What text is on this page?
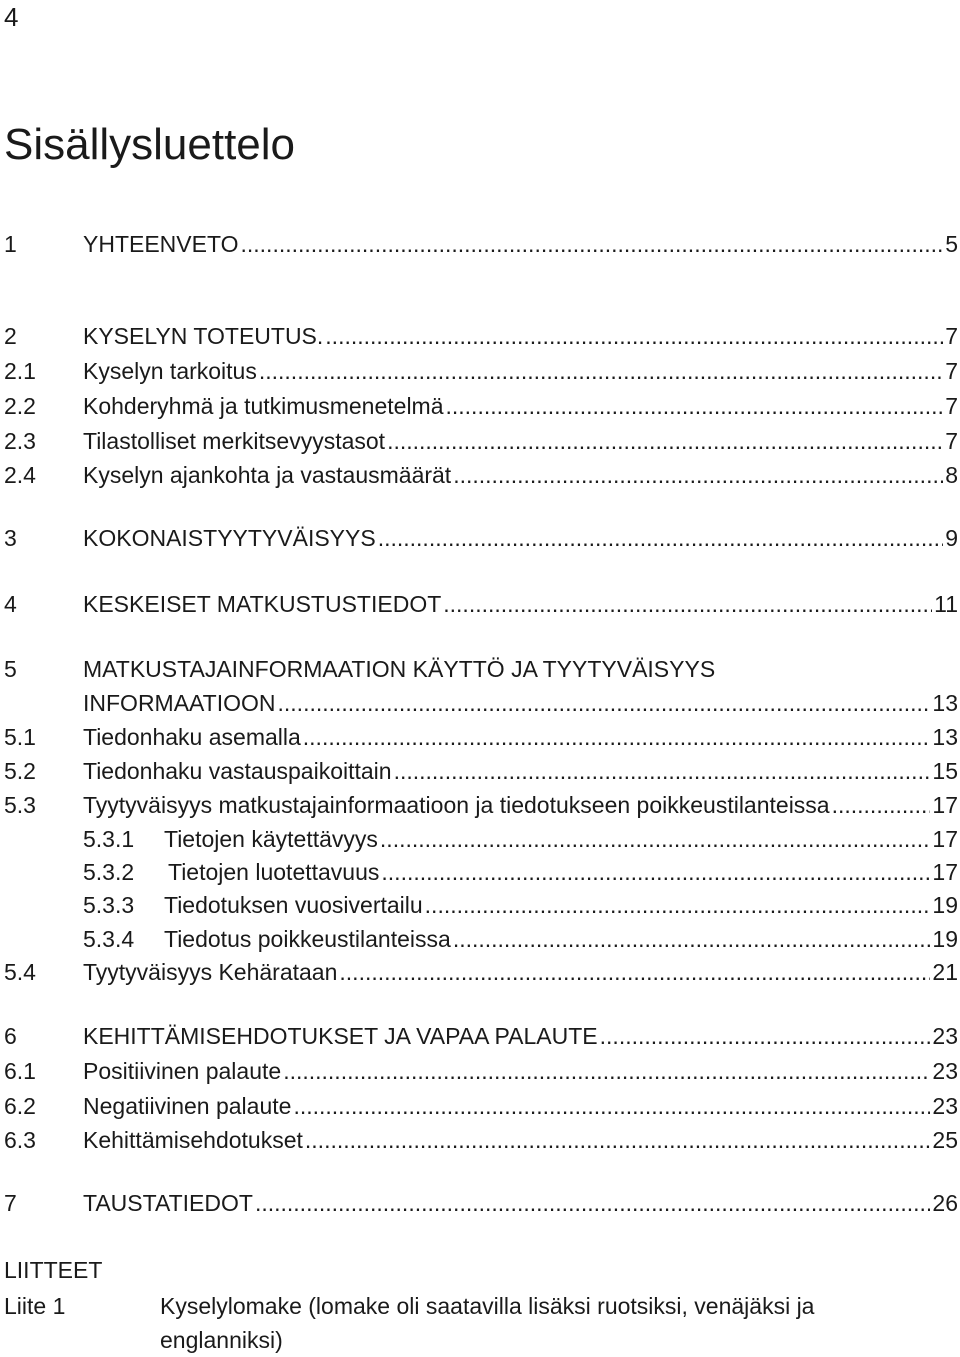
4
Sisällysluettelo
1	YHTEENVETO .....	5
2	KYSELYN TOTEUTUS. .....	7
2.1 Kyselyn tarkoitus .....	7
2.2 Kohderyhmä ja tutkimusmenetelmä .....	7
2.3 Tilastolliset merkitsevyystasot .....	7
2.4 Kyselyn ajankohta ja vastausmäärät .....	8
3	KOKONAISTYYTYVÄISYYS .....	9
4	KESKEISET MATKUSTUSTIEDOT .....	11
5	MATKUSTAJAINFORMAATION KÄYTTÖ JA TYYTYVÄISYYS
INFORMAATIOON .....	13
5.1 Tiedonhaku asemalla .....	13
5.2 Tiedonhaku vastauspaikoittain .....	15
5.3 Tyytyväisyys matkustajainformaatioon ja tiedotukseen poikkeustilanteissa .....	17
5.3.1 Tietojen käytettävyys .....	17
5.3.2 Tietojen luotettavuus .....	17
5.3.3 Tiedotuksen vuosivertailu .....	19
5.3.4 Tiedotus poikkeustilanteissa .....	19
5.4 Tyytyväisyys Kehärataan .....	21
6	KEHITTÄMISEHDOTUKSET JA VAPAA PALAUTE .....	23
6.1 Positiivinen palaute .....	23
6.2 Negatiivinen palaute .....	23
6.3 Kehittämisehdotukset .....	25
7	TAUSTATIEDOT .....	26
LIITTEET
Liite 1	Kyselylomake (lomake oli saatavilla lisäksi ruotsiksi, venäjäksi ja
englanniksi)
